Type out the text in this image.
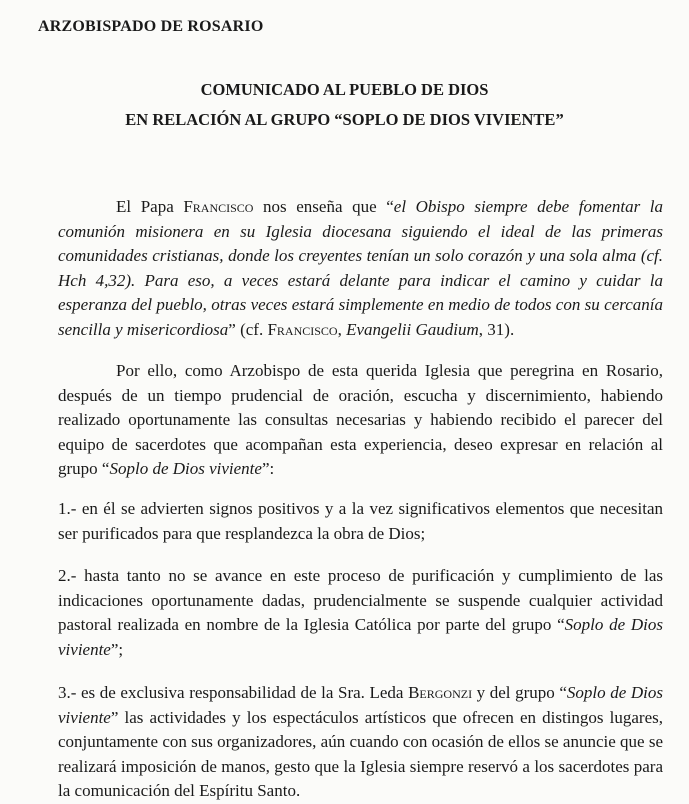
ARZOBISPADO DE ROSARIO
COMUNICADO AL PUEBLO DE DIOS
EN RELACIÓN AL GRUPO “SOPLO DE DIOS VIVIENTE”

El Papa Francisco nos enseña que “el Obispo siempre debe fomentar la comunión misionera en su Iglesia diocesana siguiendo el ideal de las primeras comunidades cristianas, donde los creyentes tenían un solo corazón y una sola alma (cf. Hch 4,32). Para eso, a veces estará delante para indicar el camino y cuidar la esperanza del pueblo, otras veces estará simplemente en medio de todos con su cercanía sencilla y misericordiosa” (cf. Francisco, Evangelii Gaudium, 31).

Por ello, como Arzobispo de esta querida Iglesia que peregrina en Rosario, después de un tiempo prudencial de oración, escucha y discernimiento, habiendo realizado oportunamente las consultas necesarias y habiendo recibido el parecer del equipo de sacerdotes que acompañan esta experiencia, deseo expresar en relación al grupo “Soplo de Dios viviente”:

1.- en él se advierten signos positivos y a la vez significativos elementos que necesitan ser purificados para que resplandezca la obra de Dios;

2.- hasta tanto no se avance en este proceso de purificación y cumplimiento de las indicaciones oportunamente dadas, prudencialmente se suspende cualquier actividad pastoral realizada en nombre de la Iglesia Católica por parte del grupo “Soplo de Dios viviente”;

3.- es de exclusiva responsabilidad de la Sra. Leda Bergonzi y del grupo “Soplo de Dios viviente” las actividades y los espectáculos artísticos que ofrecen en distingos lugares, conjuntamente con sus organizadores, aún cuando con ocasión de ellos se anuncie que se realizará imposición de manos, gesto que la Iglesia siempre reservó a los sacerdotes para la comunicación del Espíritu Santo.
